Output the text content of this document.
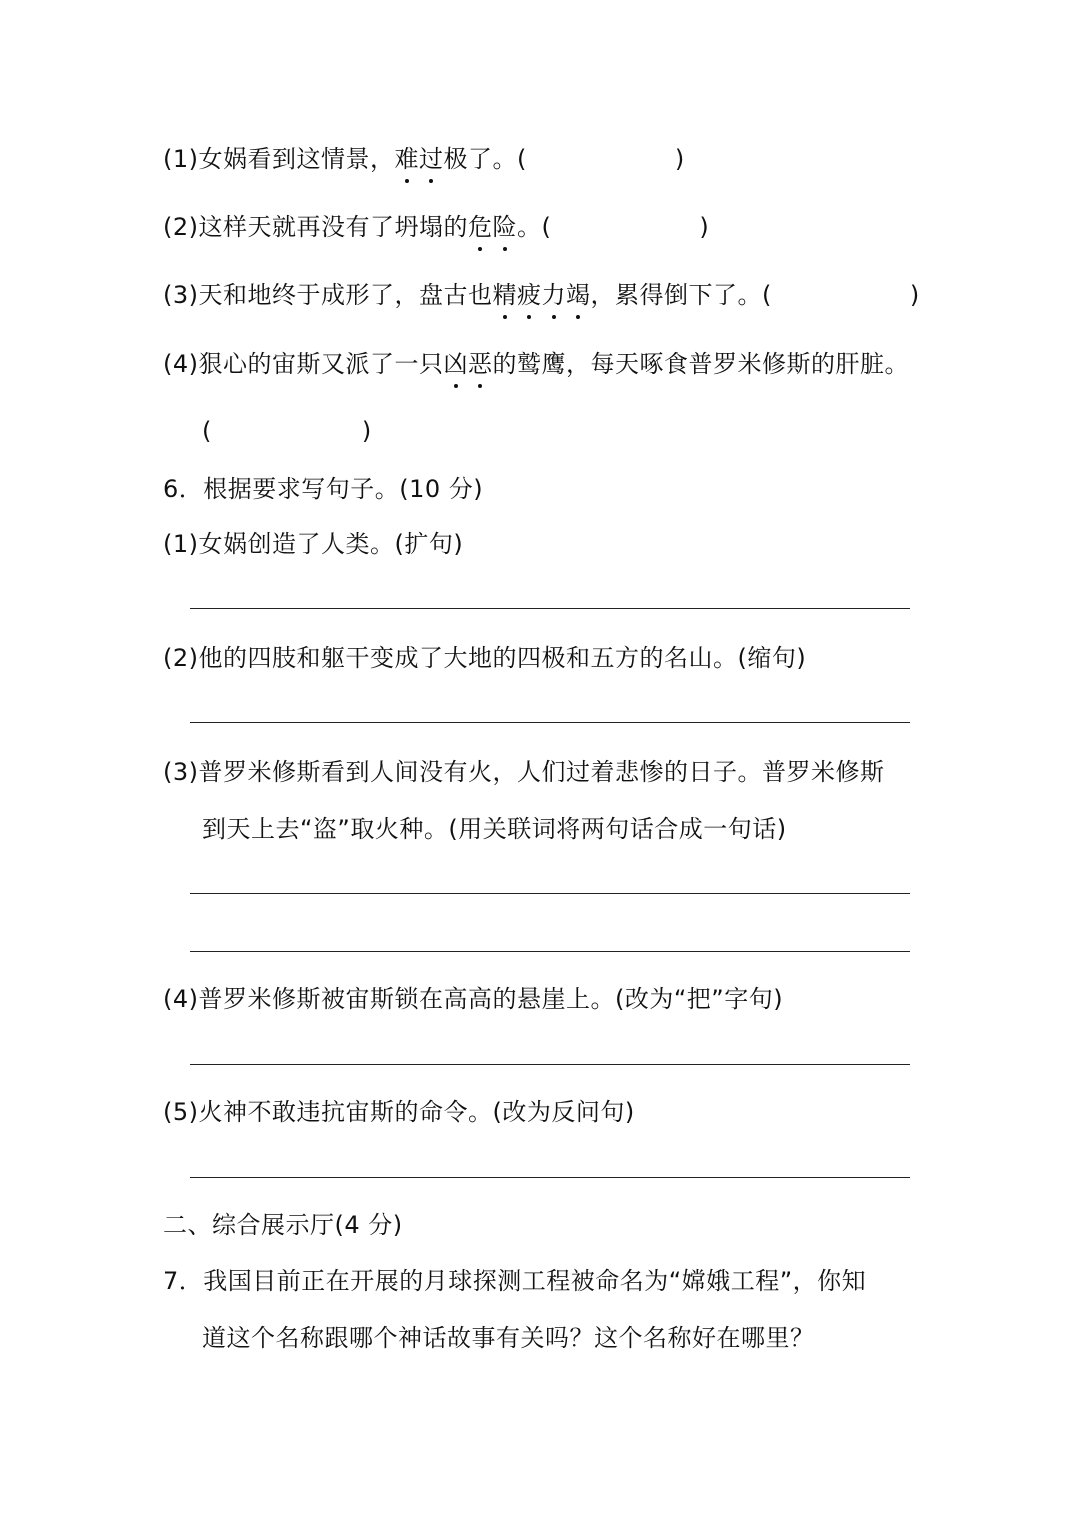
(1)女娲看到这情景，难过极了。(	)
(2)这样天就再没有了坍塌的危险。(	)
(3)天和地终于成形了，盘古也精疲力竭，累得倒下了。(	)
(4)狠心的宙斯又派了一只凶恶的鹫鹰，每天啄食普罗米修斯的肝脏。
(	)
6．根据要求写句子。(10 分)
(1)女娲创造了人类。(扩句)
(2)他的四肢和躯干变成了大地的四极和五方的名山。(缩句)
(3)普罗米修斯看到人间没有火，人们过着悲惨的日子。普罗米修斯
到天上去“盗”取火种。(用关联词将两句话合成一句话)
(4)普罗米修斯被宙斯锁在高高的悬崖上。(改为“把”字句)
(5)火神不敢违抗宙斯的命令。(改为反问句)
二、综合展示厅(4 分)
7．我国目前正在开展的月球探测工程被命名为“嫦娥工程”，你知
道这个名称跟哪个神话故事有关吗？这个名称好在哪里？
